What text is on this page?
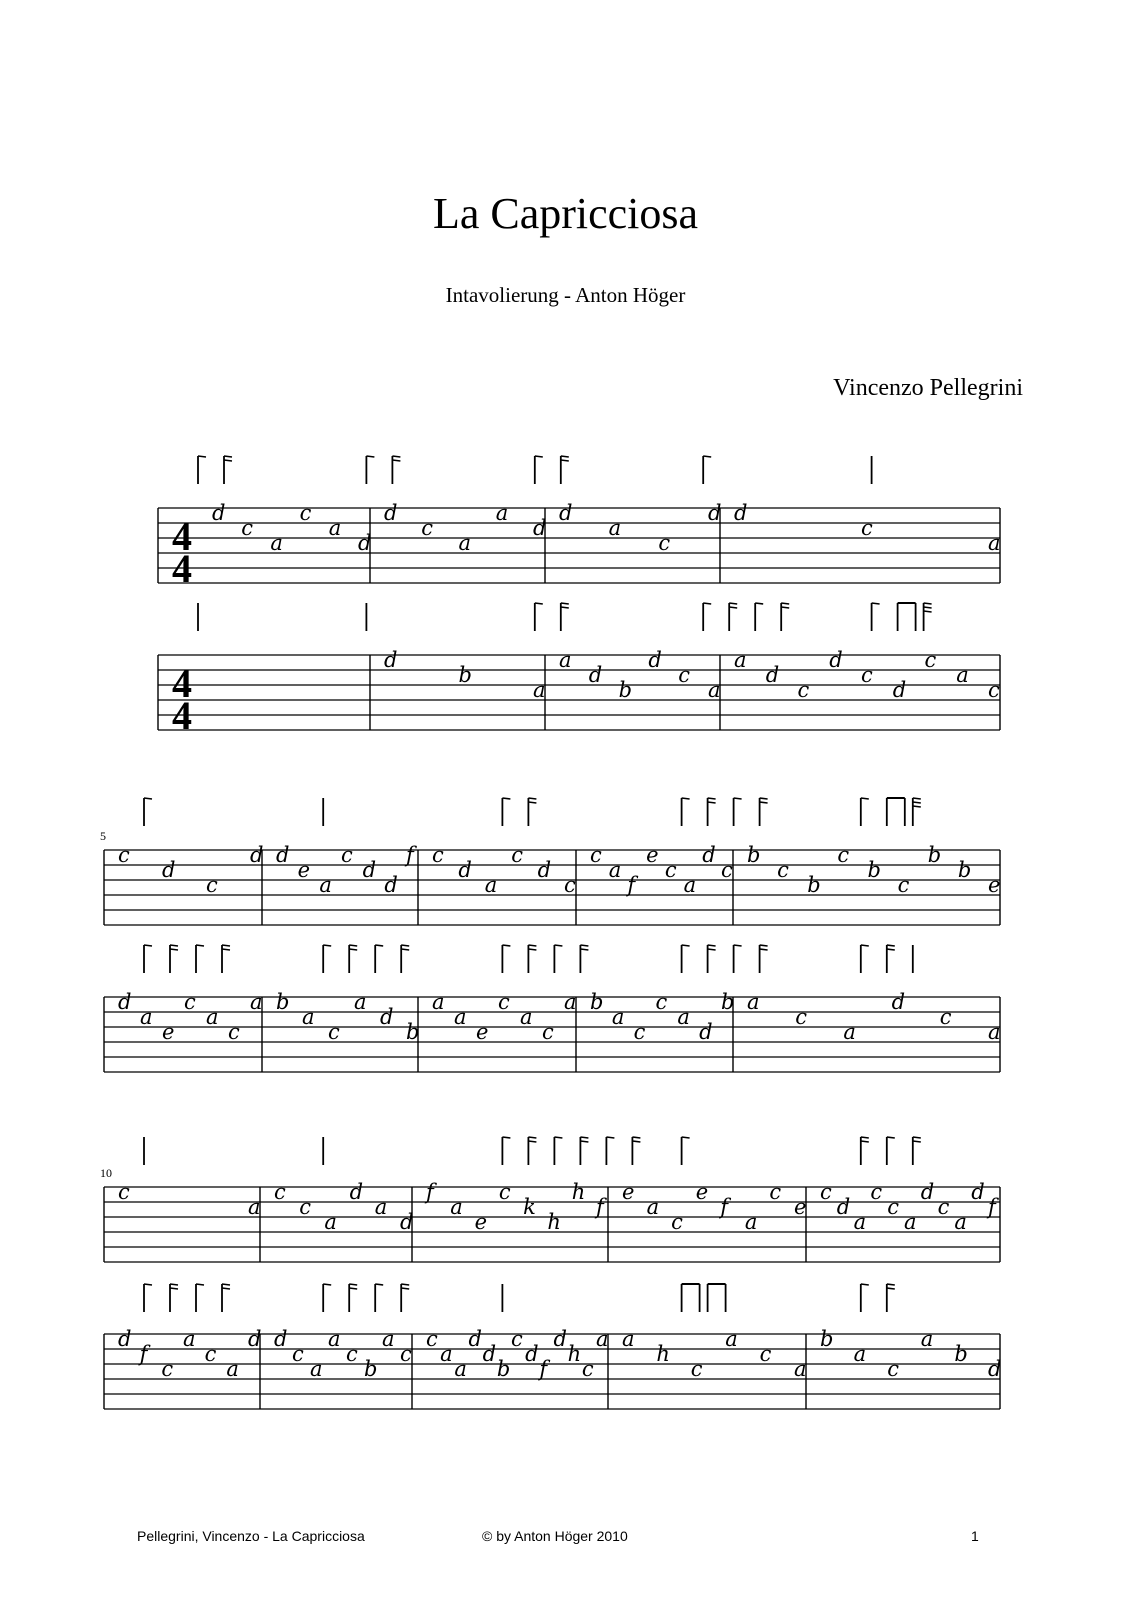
La Capricciosa
Intavolierung - Anton Höger
Vincenzo Pellegrini
4
4
d
c
a
c
a
d
d
c
a
a
d
d
a
c
d d
c
a
4
4
d
b
a
a
d
b
d
c
a
a
d
c
d
c
d
c
a
c
5
c
d
c
d d
e
a
c
d
d
f c
d
a
c
d
c
c
a
f
e
c
a
d
c
b
c
b
c
b
c
b
b
e
d
a
e
c
a
c
a b
a
c
a
d
b
a
a
e
c
a
c
a b
a
c
c
a
d
b a
c
a
d
c
a
10
c
a
c
c
a
d
a
d
f
a
e
c
k
h
h
f
e
a
c
e
f
a
c
e
c
d
a
c
c
a
d
c
a
d
f
d
f
c
a
c
a
d d
c
a
a
c
b
a
c
c
a
a
d
d
b
c
d
f
d
h
c
a a
h
c
a
c
a
b
a
c
a
b
d
Pellegrini, Vincenzo - La Capricciosa	© by Anton Höger 2010	1
